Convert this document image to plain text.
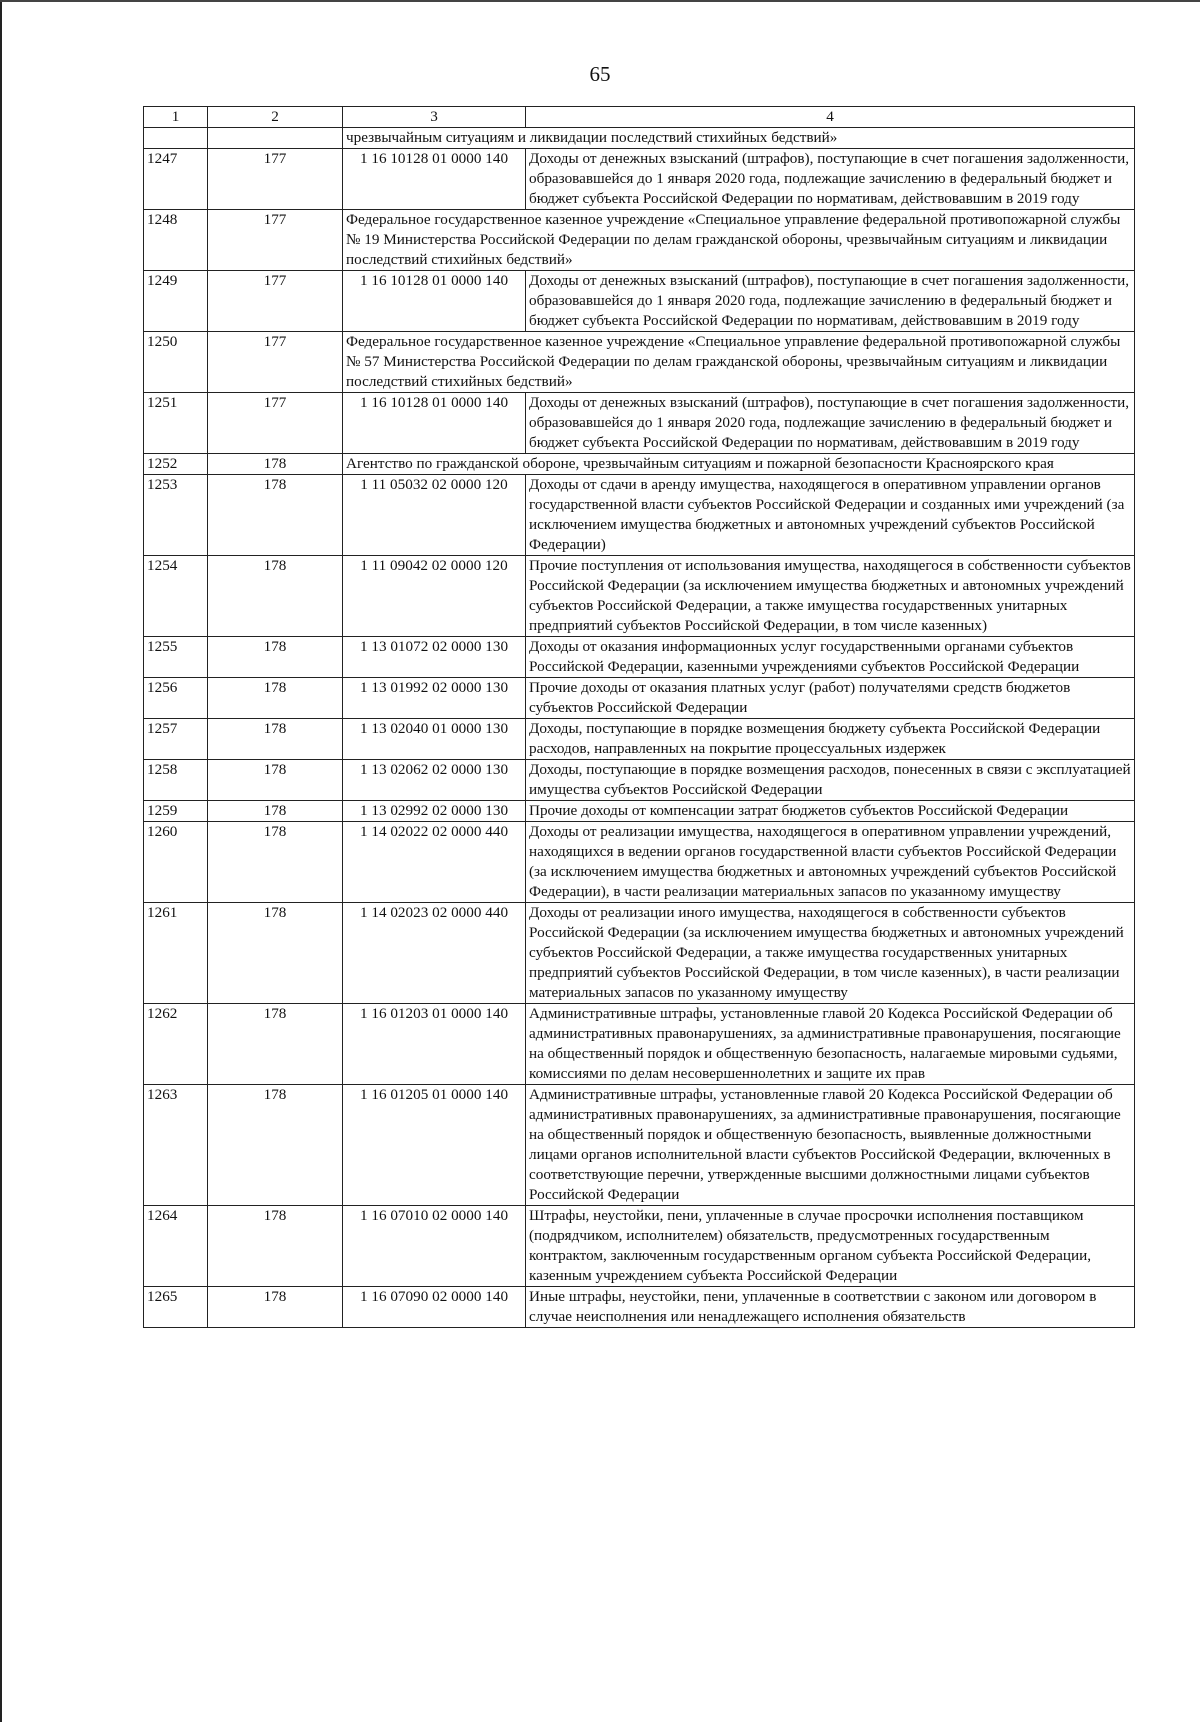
65
1	2	3	4
		чрезвычайным ситуациям и ликвидации последствий стихийных бедствий»	
1247	177	1 16 10128 01 0000 140	Доходы от денежных взысканий (штрафов), поступающие в счет погашения задолженности, образовавшейся до 1 января 2020 года, подлежащие зачислению в федеральный бюджет и бюджет субъекта Российской Федерации по нормативам, действовавшим в 2019 году
1248	177	Федеральное государственное казенное учреждение «Специальное управление федеральной противопожарной службы № 19 Министерства Российской Федерации по делам гражданской обороны, чрезвычайным ситуациям и ликвидации последствий стихийных бедствий»	
1249	177	1 16 10128 01 0000 140	Доходы от денежных взысканий (штрафов), поступающие в счет погашения задолженности, образовавшейся до 1 января 2020 года, подлежащие зачислению в федеральный бюджет и бюджет субъекта Российской Федерации по нормативам, действовавшим в 2019 году
1250	177	Федеральное государственное казенное учреждение «Специальное управление федеральной противопожарной службы № 57 Министерства Российской Федерации по делам гражданской обороны, чрезвычайным ситуациям и ликвидации последствий стихийных бедствий»	
1251	177	1 16 10128 01 0000 140	Доходы от денежных взысканий (штрафов), поступающие в счет погашения задолженности, образовавшейся до 1 января 2020 года, подлежащие зачислению в федеральный бюджет и бюджет субъекта Российской Федерации по нормативам, действовавшим в 2019 году
1252	178	Агентство по гражданской обороне, чрезвычайным ситуациям и пожарной безопасности Красноярского края	
1253	178	1 11 05032 02 0000 120	Доходы от сдачи в аренду имущества, находящегося в оперативном управлении органов государственной власти субъектов Российской Федерации и созданных ими учреждений (за исключением имущества бюджетных и автономных учреждений субъектов Российской Федерации)
1254	178	1 11 09042 02 0000 120	Прочие поступления от использования имущества, находящегося в собственности субъектов Российской Федерации (за исключением имущества бюджетных и автономных учреждений субъектов Российской Федерации, а также имущества государственных унитарных предприятий субъектов Российской Федерации, в том числе казенных)
1255	178	1 13 01072 02 0000 130	Доходы от оказания информационных услуг государственными органами субъектов Российской Федерации, казенными учреждениями субъектов Российской Федерации
1256	178	1 13 01992 02 0000 130	Прочие доходы от оказания платных услуг (работ) получателями средств бюджетов субъектов Российской Федерации
1257	178	1 13 02040 01 0000 130	Доходы, поступающие в порядке возмещения бюджету субъекта Российской Федерации расходов, направленных на покрытие процессуальных издержек
1258	178	1 13 02062 02 0000 130	Доходы, поступающие в порядке возмещения расходов, понесенных в связи с эксплуатацией имущества субъектов Российской Федерации
1259	178	1 13 02992 02 0000 130	Прочие доходы от компенсации затрат бюджетов субъектов Российской Федерации
1260	178	1 14 02022 02 0000 440	Доходы от реализации имущества, находящегося в оперативном управлении учреждений, находящихся в ведении органов государственной власти субъектов Российской Федерации (за исключением имущества бюджетных и автономных учреждений субъектов Российской Федерации), в части реализации материальных запасов по указанному имуществу
1261	178	1 14 02023 02 0000 440	Доходы от реализации иного имущества, находящегося в собственности субъектов Российской Федерации (за исключением имущества бюджетных и автономных учреждений субъектов Российской Федерации, а также имущества государственных унитарных предприятий субъектов Российской Федерации, в том числе казенных), в части реализации материальных запасов по указанному имуществу
1262	178	1 16 01203 01 0000 140	Административные штрафы, установленные главой 20 Кодекса Российской Федерации об административных правонарушениях, за административные правонарушения, посягающие на общественный порядок и общественную безопасность, налагаемые мировыми судьями, комиссиями по делам несовершеннолетних и защите их прав
1263	178	1 16 01205 01 0000 140	Административные штрафы, установленные главой 20 Кодекса Российской Федерации об административных правонарушениях, за административные правонарушения, посягающие на общественный порядок и общественную безопасность, выявленные должностными лицами органов исполнительной власти субъектов Российской Федерации, включенных в соответствующие перечни, утвержденные высшими должностными лицами субъектов Российской Федерации
1264	178	1 16 07010 02 0000 140	Штрафы, неустойки, пени, уплаченные в случае просрочки исполнения поставщиком (подрядчиком, исполнителем) обязательств, предусмотренных государственным контрактом, заключенным государственным органом субъекта Российской Федерации, казенным учреждением субъекта Российской Федерации
1265	178	1 16 07090 02 0000 140	Иные штрафы, неустойки, пени, уплаченные в соответствии с законом или договором в случае неисполнения или ненадлежащего исполнения обязательств
